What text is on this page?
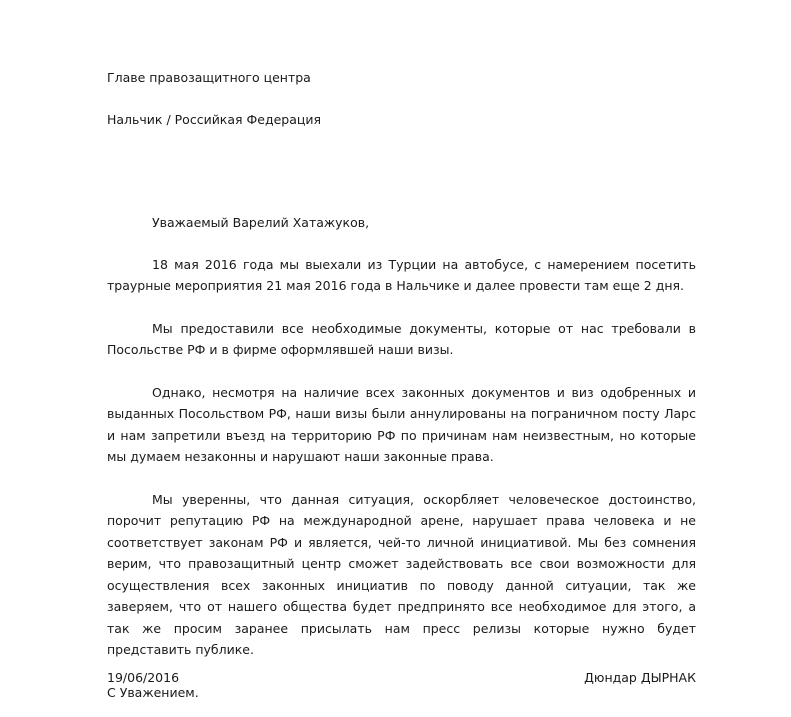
Главе правозащитного центра

Нальчик / Российкая Федерация

Уважаемый Варелий Хатажуков,

18 мая 2016 года мы выехали из Турции на автобусе, с намерением посетить траурные мероприятия 21 мая 2016 года в Нальчике и далее провести там еще 2 дня.

Мы предоставили все необходимые документы, которые от нас требовали в Посольстве РФ и в фирме оформлявшей наши визы.

Однако, несмотря на наличие всех законных документов и виз одобренных и выданных Посольством РФ, наши визы были аннулированы на пограничном посту Ларс и нам запретили въезд на территорию РФ по причинам нам неизвестным, но которые мы думаем незаконны и нарушают наши законные права.

Мы уверенны, что данная ситуация, оскорбляет человеческое достоинство, порочит репутацию РФ на международной арене, нарушает права человека и не соответствует законам РФ и является, чей-то личной инициативой. Мы без сомнения верим, что правозащитный центр сможет задействовать все свои возможности для осуществления всех законных инициатив по поводу данной ситуации, так же заверяем, что от нашего общества будет предпринято все необходимое для этого, а так же просим заранее присылать нам пресс релизы которые нужно будет представить публике.

С Уважением.

19/06/2016	Дюндар ДЫРНАК
